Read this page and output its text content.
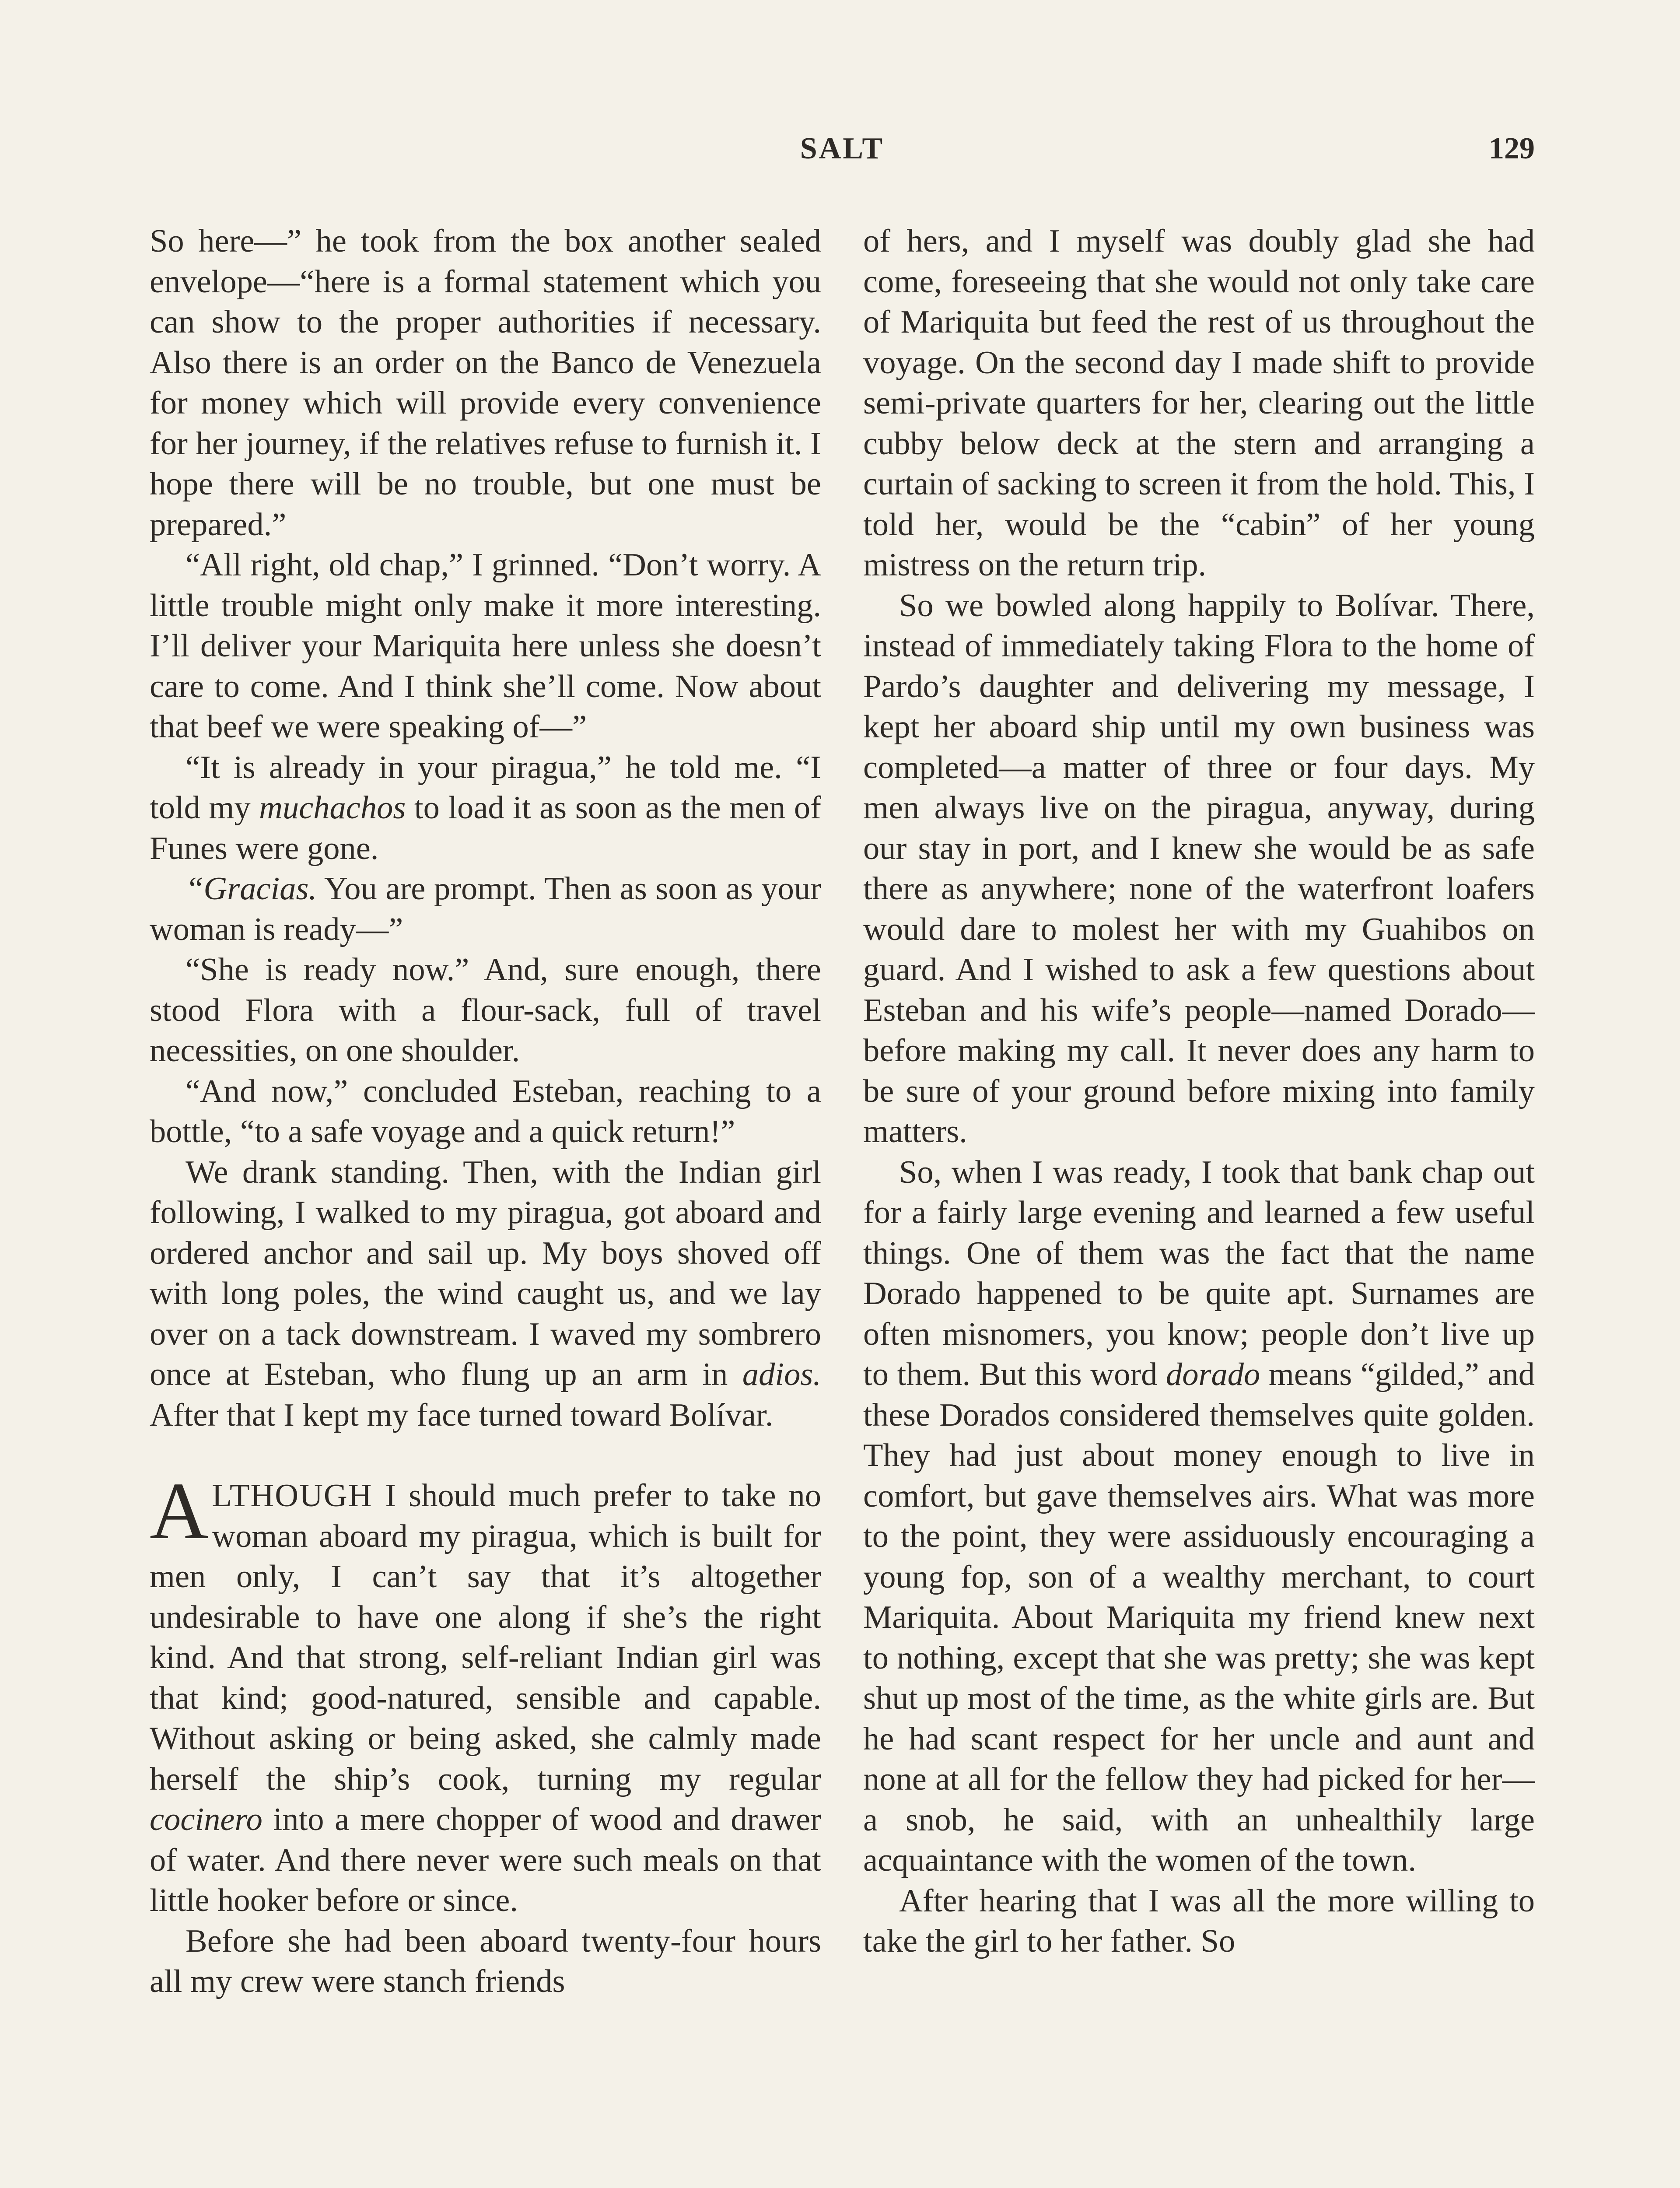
SALT	129

So here—” he took from the box another sealed envelope—“here is a formal statement which you can show to the proper authorities if necessary. Also there is an order on the Banco de Venezuela for money which will provide every convenience for her journey, if the relatives refuse to furnish it. I hope there will be no trouble, but one must be prepared.”

“All right, old chap,” I grinned. “Don’t worry. A little trouble might only make it more interesting. I’ll deliver your Mariquita here unless she doesn’t care to come. And I think she’ll come. Now about that beef we were speaking of—”

“It is already in your piragua,” he told me. “I told my muchachos to load it as soon as the men of Funes were gone.

“Gracias. You are prompt. Then as soon as your woman is ready—”

“She is ready now.” And, sure enough, there stood Flora with a flour-sack, full of travel necessities, on one shoulder.

“And now,” concluded Esteban, reaching to a bottle, “to a safe voyage and a quick return!”

We drank standing. Then, with the Indian girl following, I walked to my piragua, got aboard and ordered anchor and sail up. My boys shoved off with long poles, the wind caught us, and we lay over on a tack downstream. I waved my sombrero once at Esteban, who flung up an arm in adios. After that I kept my face turned toward Bolívar.

ALTHOUGH I should much prefer to take no woman aboard my piragua, which is built for men only, I can’t say that it’s altogether undesirable to have one along if she’s the right kind. And that strong, self-reliant Indian girl was that kind; good-natured, sensible and capable. Without asking or being asked, she calmly made herself the ship’s cook, turning my regular cocinero into a mere chopper of wood and drawer of water. And there never were such meals on that little hooker before or since.

Before she had been aboard twenty-four hours all my crew were stanch friends

of hers, and I myself was doubly glad she had come, foreseeing that she would not only take care of Mariquita but feed the rest of us throughout the voyage. On the second day I made shift to provide semi-private quarters for her, clearing out the little cubby below deck at the stern and arranging a curtain of sacking to screen it from the hold. This, I told her, would be the “cabin” of her young mistress on the return trip.

So we bowled along happily to Bolívar. There, instead of immediately taking Flora to the home of Pardo’s daughter and delivering my message, I kept her aboard ship until my own business was completed—a matter of three or four days. My men always live on the piragua, anyway, during our stay in port, and I knew she would be as safe there as anywhere; none of the waterfront loafers would dare to molest her with my Guahibos on guard. And I wished to ask a few questions about Esteban and his wife’s people—named Dorado—before making my call. It never does any harm to be sure of your ground before mixing into family matters.

So, when I was ready, I took that bank chap out for a fairly large evening and learned a few useful things. One of them was the fact that the name Dorado happened to be quite apt. Surnames are often misnomers, you know; people don’t live up to them. But this word dorado means “gilded,” and these Dorados considered themselves quite golden. They had just about money enough to live in comfort, but gave themselves airs. What was more to the point, they were assiduously encouraging a young fop, son of a wealthy merchant, to court Mariquita. About Mariquita my friend knew next to nothing, except that she was pretty; she was kept shut up most of the time, as the white girls are. But he had scant respect for her uncle and aunt and none at all for the fellow they had picked for her—a snob, he said, with an unhealthily large acquaintance with the women of the town.

After hearing that I was all the more willing to take the girl to her father. So
